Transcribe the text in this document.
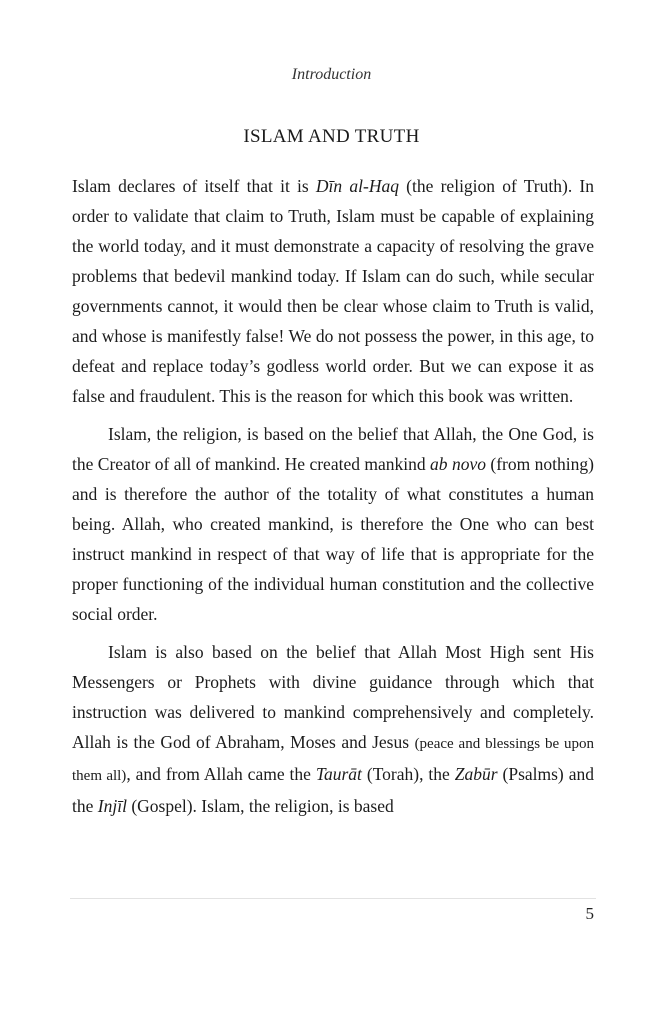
Introduction
ISLAM AND TRUTH

Islam declares of itself that it is Dīn al-Haq (the religion of Truth). In order to validate that claim to Truth, Islam must be capable of explaining the world today, and it must demonstrate a capacity of resolving the grave problems that bedevil mankind today. If Islam can do such, while secular governments cannot, it would then be clear whose claim to Truth is valid, and whose is manifestly false! We do not possess the power, in this age, to defeat and replace today’s godless world order. But we can expose it as false and fraudulent. This is the reason for which this book was written.

Islam, the religion, is based on the belief that Allah, the One God, is the Creator of all of mankind. He created mankind ab novo (from nothing) and is therefore the author of the totality of what constitutes a human being. Allah, who created mankind, is therefore the One who can best instruct mankind in respect of that way of life that is appropriate for the proper functioning of the individual human constitution and the collective social order.

Islam is also based on the belief that Allah Most High sent His Messengers or Prophets with divine guidance through which that instruction was delivered to mankind comprehensively and completely. Allah is the God of Abraham, Moses and Jesus (peace and blessings be upon them all), and from Allah came the Taurāt (Torah), the Zabūr (Psalms) and the Injīl (Gospel). Islam, the religion, is based

5
